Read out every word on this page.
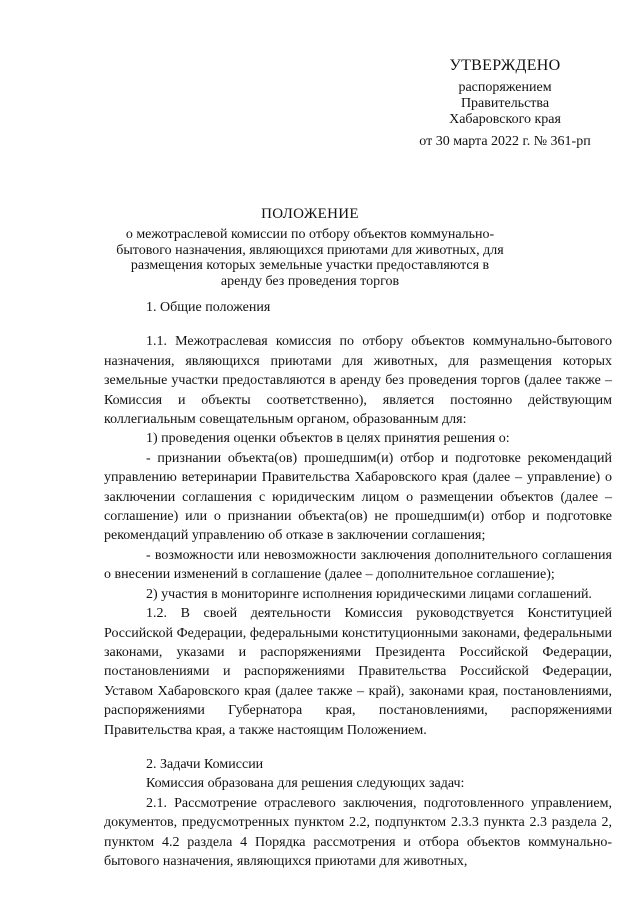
УТВЕРЖДЕНО
распоряжением
Правительства
Хабаровского края
от 30 марта 2022 г. № 361-рп
ПОЛОЖЕНИЕ
о межотраслевой комиссии по отбору объектов коммунально-бытового назначения, являющихся приютами для животных, для размещения которых земельные участки предоставляются в аренду без проведения торгов

1. Общие положения

1.1. Межотраслевая комиссия по отбору объектов коммунально-бытового назначения, являющихся приютами для животных, для размещения которых земельные участки предоставляются в аренду без проведения торгов (далее также – Комиссия и объекты соответственно), является постоянно действующим коллегиальным совещательным органом, образованным для:

1) проведения оценки объектов в целях принятия решения о:

- признании объекта(ов) прошедшим(и) отбор и подготовке рекомендаций управлению ветеринарии Правительства Хабаровского края (далее – управление) о заключении соглашения с юридическим лицом о размещении объектов (далее – соглашение) или о признании объекта(ов) не прошедшим(и) отбор и подготовке рекомендаций управлению об отказе в заключении соглашения;

- возможности или невозможности заключения дополнительного соглашения о внесении изменений в соглашение (далее – дополнительное соглашение);

2) участия в мониторинге исполнения юридическими лицами соглашений.

1.2. В своей деятельности Комиссия руководствуется Конституцией Российской Федерации, федеральными конституционными законами, федеральными законами, указами и распоряжениями Президента Российской Федерации, постановлениями и распоряжениями Правительства Российской Федерации, Уставом Хабаровского края (далее также – край), законами края, постановлениями, распоряжениями Губернатора края, постановлениями, распоряжениями Правительства края, а также настоящим Положением.

2. Задачи Комиссии

Комиссия образована для решения следующих задач:

2.1. Рассмотрение отраслевого заключения, подготовленного управлением, документов, предусмотренных пунктом 2.2, подпунктом 2.3.3 пункта 2.3 раздела 2, пунктом 4.2 раздела 4 Порядка рассмотрения и отбора объектов коммунально-бытового назначения, являющихся приютами для животных,
